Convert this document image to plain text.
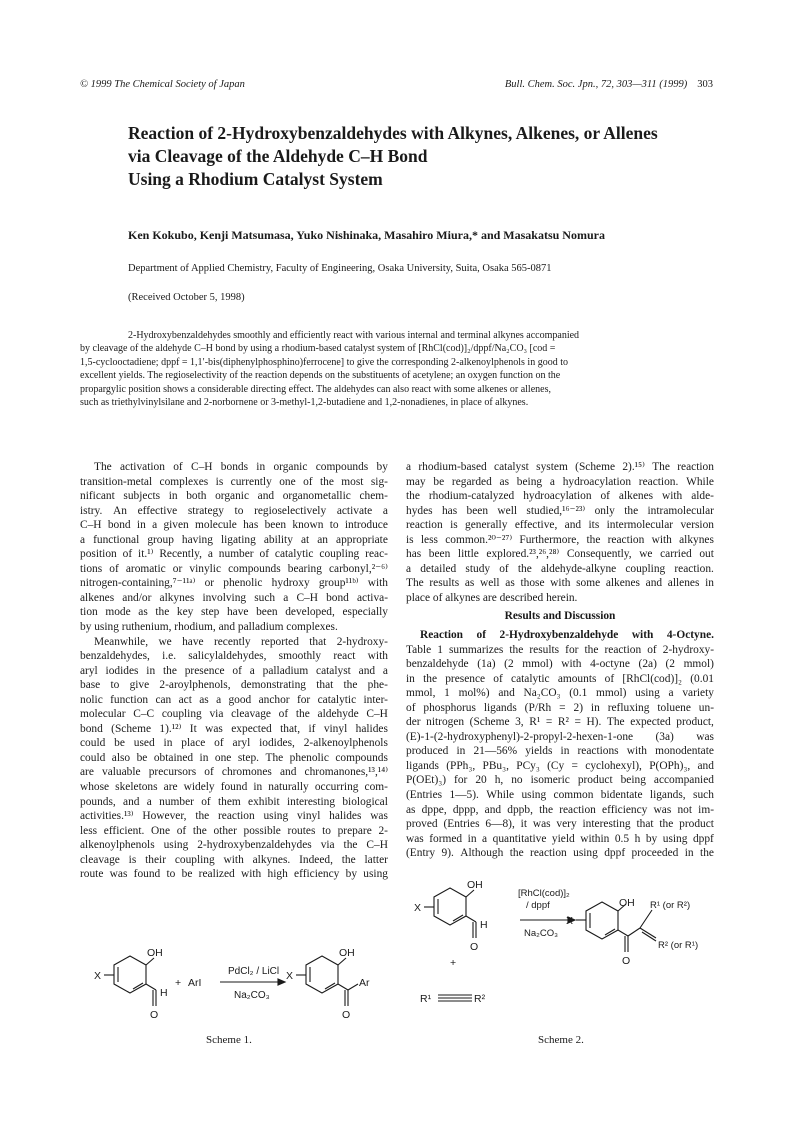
© 1999 The Chemical Society of Japan	Bull. Chem. Soc. Jpn., 72, 303—311 (1999) 303
Reaction of 2-Hydroxybenzaldehydes with Alkynes, Alkenes, or Allenes
via Cleavage of the Aldehyde C–H Bond
Using a Rhodium Catalyst System
Ken Kokubo, Kenji Matsumasa, Yuko Nishinaka, Masahiro Miura,* and Masakatsu Nomura
Department of Applied Chemistry, Faculty of Engineering, Osaka University, Suita, Osaka 565-0871
(Received October 5, 1998)
2-Hydroxybenzaldehydes smoothly and efficiently react with various internal and terminal alkynes accompanied
by cleavage of the aldehyde C–H bond by using a rhodium-based catalyst system of [RhCl(cod)]₂/dppf/Na₂CO₃ [cod =
1,5-cyclooctadiene; dppf = 1,1′-bis(diphenylphosphino)ferrocene] to give the corresponding 2-alkenoylphenols in good to
excellent yields. The regioselectivity of the reaction depends on the substituents of acetylene; an oxygen function on the
propargylic position shows a considerable directing effect. The aldehydes can also react with some alkenes or allenes,
such as triethylvinylsilane and 2-norbornene or 3-methyl-1,2-butadiene and 1,2-nonadienes, in place of alkynes.
The activation of C–H bonds in organic compounds by
transition-metal complexes is currently one of the most sig-
nificant subjects in both organic and organometallic chem-
istry. An effective strategy to regioselectively activate a
C–H bond in a given molecule has been known to introduce
a functional group having ligating ability at an appropriate
position of it.¹⁾ Recently, a number of catalytic coupling reac-
tions of aromatic or vinylic compounds bearing carbonyl,²⁻⁶⁾
nitrogen-containing,⁷⁻¹¹ᵃ⁾ or phenolic hydroxy group¹¹ᵇ⁾ with
alkenes and/or alkynes involving such a C–H bond activa-
tion mode as the key step have been developed, especially
by using ruthenium, rhodium, and palladium complexes.
Meanwhile, we have recently reported that 2-hydroxy-
benzaldehydes, i.e. salicylaldehydes, smoothly react with
aryl iodides in the presence of a palladium catalyst and a
base to give 2-aroylphenols, demonstrating that the phe-
nolic function can act as a good anchor for catalytic inter-
molecular C–C coupling via cleavage of the aldehyde C–H
bond (Scheme 1).¹²⁾ It was expected that, if vinyl halides
could be used in place of aryl iodides, 2-alkenoylphenols
could also be obtained in one step. The phenolic compounds
are valuable precursors of chromones and chromanones,¹³,¹⁴⁾
whose skeletons are widely found in naturally occurring com-
pounds, and a number of them exhibit interesting biological
activities.¹³⁾ However, the reaction using vinyl halides was
less efficient. One of the other possible routes to prepare 2-
alkenoylphenols using 2-hydroxybenzaldehydes via the C–H
cleavage is their coupling with alkynes. Indeed, the latter
route was found to be realized with high efficiency by using
a rhodium-based catalyst system (Scheme 2).¹⁵⁾ The reaction
may be regarded as being a hydroacylation reaction. While
the rhodium-catalyzed hydroacylation of alkenes with alde-
hydes has been well studied,¹⁶⁻²³⁾ only the intramolecular
reaction is generally effective, and its intermolecular version
is less common.²⁰⁻²⁷⁾ Furthermore, the reaction with alkynes
has been little explored.²³,²⁶,²⁸⁾ Consequently, we carried out
a detailed study of the aldehyde-alkyne coupling reaction.
The results as well as those with some alkenes and allenes in
place of alkynes are described herein.
Results and Discussion
Reaction of 2-Hydroxybenzaldehyde with 4-Octyne.
Table 1 summarizes the results for the reaction of 2-hydroxy-
benzaldehyde (1a) (2 mmol) with 4-octyne (2a) (2 mmol)
in the presence of catalytic amounts of [RhCl(cod)]₂ (0.01
mmol, 1 mol%) and Na₂CO₃ (0.1 mmol) using a variety
of phosphorus ligands (P/Rh = 2) in refluxing toluene un-
der nitrogen (Scheme 3, R¹ = R² = H). The expected product,
(E)-1-(2-hydroxyphenyl)-2-propyl-2-hexen-1-one (3a) was
produced in 21—56% yields in reactions with monodentate
ligands (PPh₃, PBu₃, PCy₃ (Cy = cyclohexyl), P(OPh)₃, and
P(OEt)₃) for 20 h, no isomeric product being accompanied
(Entries 1—5). While using common bidentate ligands, such
as dppe, dppp, and dppb, the reaction efficiency was not im-
proved (Entries 6—8), it was very interesting that the product
was formed in a quantitative yield within 0.5 h by using dppf
(Entry 9). Although the reaction using dppf proceeded in the
OH
H
O
X
+ ArI
PdCl₂ / LiCl
Na₂CO₃
OH
O
X
Ar
Scheme 1.
OH
H
O
X
+
R¹	R²
[RhCl(cod)]₂
/ dppf
Na₂CO₃
OH
O
X
R¹ (or R²)
R² (or R¹)
Scheme 2.
